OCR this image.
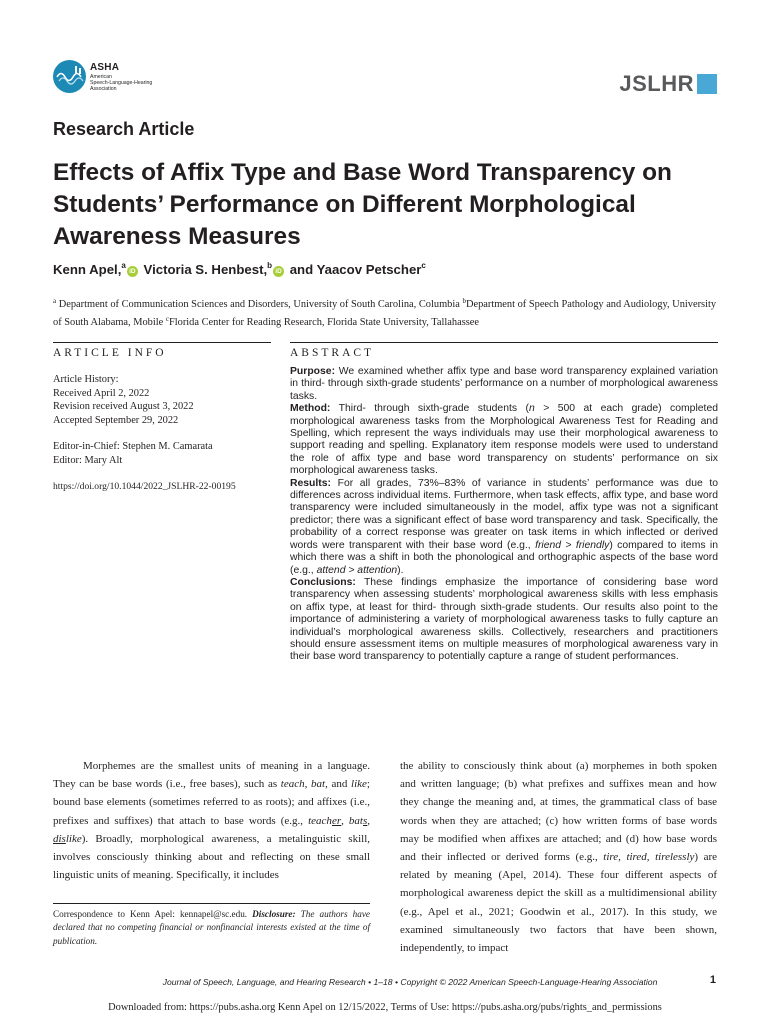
ASHA
American
Speech-Language-Hearing
Association	JSLHR
Research Article
Effects of Affix Type and Base Word Transparency on Students’ Performance on Different Morphological Awareness Measures
Kenn Apel,$^a$iD Victoria S. Henbest,$^b$iD and Yaacov Petscher$^c$
$^a$ Department of Communication Sciences and Disorders, University of South Carolina, Columbia $^b$Department of Speech Pathology and Audiology, University of South Alabama, Mobile $^c$Florida Center for Reading Research, Florida State University, Tallahassee
ARTICLE INFO

Article History:

Received April 2, 2022

Revision received August 3, 2022

Accepted September 29, 2022

Editor-in-Chief: Stephen M. Camarata

Editor: Mary Alt

https://doi.org/10.1044/2022_JSLHR-22-00195

ABSTRACT

Purpose: We examined whether affix type and base word transparency explained variation in third- through sixth-grade students’ performance on a number of morphological awareness tasks.

Method: Third- through sixth-grade students (n > 500 at each grade) completed morphological awareness tasks from the Morphological Awareness Test for Reading and Spelling, which represent the ways individuals may use their morphological awareness to support reading and spelling. Explanatory item response models were used to understand the role of affix type and base word transparency on students’ performance on six morphological awareness tasks.

Results: For all grades, 73%–83% of variance in students’ performance was due to differences across individual items. Furthermore, when task effects, affix type, and base word transparency were included simultaneously in the model, affix type was not a significant predictor; there was a significant effect of base word transparency and task. Specifically, the probability of a correct response was greater on task items in which inflected or derived words were transparent with their base word (e.g., friend > friendly) compared to items in which there was a shift in both the phonological and orthographic aspects of the base word (e.g., attend > attention).

Conclusions: These findings emphasize the importance of considering base word transparency when assessing students’ morphological awareness skills with less emphasis on affix type, at least for third- through sixth-grade students. Our results also point to the importance of administering a variety of morphological awareness tasks to fully capture an individual’s morphological awareness skills. Collectively, researchers and practitioners should ensure assessment items on multiple measures of morphological awareness vary in their base word transparency to potentially capture a range of student performances.

Morphemes are the smallest units of meaning in a language. They can be base words (i.e., free bases), such as teach, bat, and like; bound base elements (sometimes referred to as roots); and affixes (i.e., prefixes and suffixes) that attach to base words (e.g., teacher, bats, dislike). Broadly, morphological awareness, a metalinguistic skill, involves consciously thinking about and reflecting on these small linguistic units of meaning. Specifically, it includes

the ability to consciously think about (a) morphemes in both spoken and written language; (b) what prefixes and suffixes mean and how they change the meaning and, at times, the grammatical class of base words when they are attached; (c) how written forms of base words may be modified when affixes are attached; and (d) how base words and their inflected or derived forms (e.g., tire, tired, tirelessly) are related by meaning (Apel, 2014). These four different aspects of morphological awareness depict the skill as a multidimensional ability (e.g., Apel et al., 2021; Goodwin et al., 2017). In this study, we examined simultaneously two factors that have been shown, independently, to impact

Correspondence to Kenn Apel: kennapel@sc.edu. Disclosure: The authors have declared that no competing financial or nonfinancial interests existed at the time of publication.
Journal of Speech, Language, and Hearing Research • 1–18 • Copyright © 2022 American Speech-Language-Hearing Association	1
Downloaded from: https://pubs.asha.org Kenn Apel on 12/15/2022, Terms of Use: https://pubs.asha.org/pubs/rights_and_permissions
